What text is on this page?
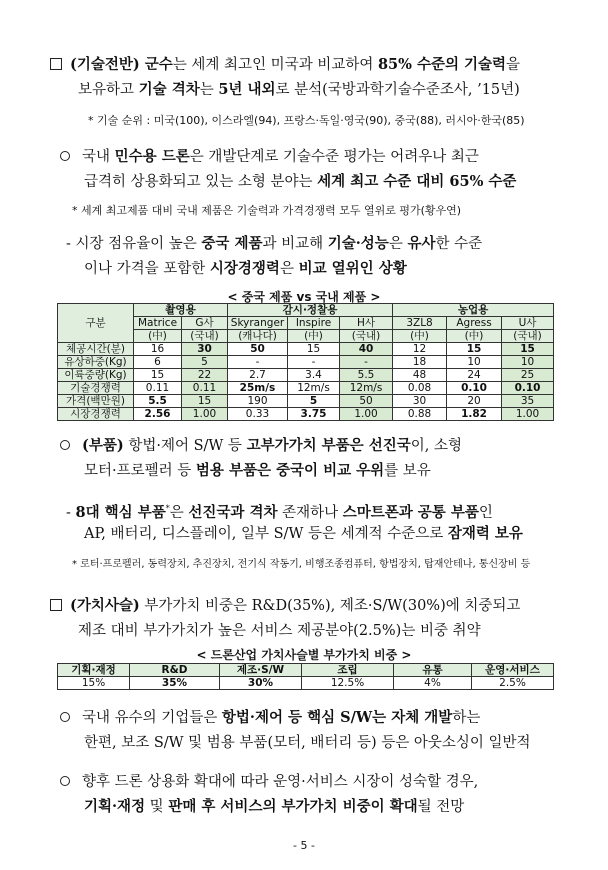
(기술전반) 군수는 세계 최고인 미국과 비교하여 85% 수준의 기술력을
보유하고 기술 격차는 5년 내외로 분석(국방과학기술수준조사, ’15년)
* 기술 순위 : 미국(100), 이스라엘(94), 프랑스·독일·영국(90), 중국(88), 러시아·한국(85)
국내 민수용 드론은 개발단계로 기술수준 평가는 어려우나 최근
급격히 상용화되고 있는 소형 분야는 세계 최고 수준 대비 65% 수준
* 세계 최고제품 대비 국내 제품은 기술력과 가격경쟁력 모두 열위로 평가(황우연)
- 시장 점유율이 높은 중국 제품과 비교해 기술·성능은 유사한 수준
이나 가격을 포함한 시장경쟁력은 비교 열위인 상황
< 중국 제품 vs 국내 제품 >
구분	촬영용		감시·정찰용			농업용		
	Matrice	G사	Skyranger	Inspire	H사	3ZL8	Agress	U사
	(中)	(국내)	(캐나다)	(中)	(국내)	(中)	(中)	(국내)
체공시간(분)	16	30	50	15	40	12	15	15
유상하중(Kg)	6	5	-	-	-	18	10	10
이륙중량(Kg)	15	22	2.7	3.4	5.5	48	24	25
기술경쟁력	0.11	0.11	25m/s	12m/s	12m/s	0.08	0.10	0.10
가격(백만원)	5.5	15	190	5	50	30	20	35
시장경쟁력	2.56	1.00	0.33	3.75	1.00	0.88	1.82	1.00
(부품) 항법·제어 S/W 등 고부가가치 부품은 선진국이, 소형
모터·프로펠러 등 범용 부품은 중국이 비교 우위를 보유
- 8대 핵심 부품*은 선진국과 격차 존재하나 스마트폰과 공통 부품인
AP, 배터리, 디스플레이, 일부 S/W 등은 세계적 수준으로 잠재력 보유
* 로터·프로펠러, 동력장치, 추진장치, 전기식 작동기, 비행조종컴퓨터, 항법장치, 탑재안테나, 통신장비 등
(가치사슬) 부가가치 비중은 R&D(35%), 제조·S/W(30%)에 치중되고
제조 대비 부가가치가 높은 서비스 제공분야(2.5%)는 비중 취약
< 드론산업 가치사슬별 부가가치 비중 >
기획·재정	R&D	제조·S/W	조립	유통	운영·서비스
15%	35%	30%	12.5%	4%	2.5%
국내 유수의 기업들은 항법·제어 등 핵심 S/W는 자체 개발하는
한편, 보조 S/W 및 범용 부품(모터, 배터리 등) 등은 아웃소싱이 일반적
향후 드론 상용화 확대에 따라 운영·서비스 시장이 성숙할 경우,
기획·재정 및 판매 후 서비스의 부가가치 비중이 확대될 전망
- 5 -
